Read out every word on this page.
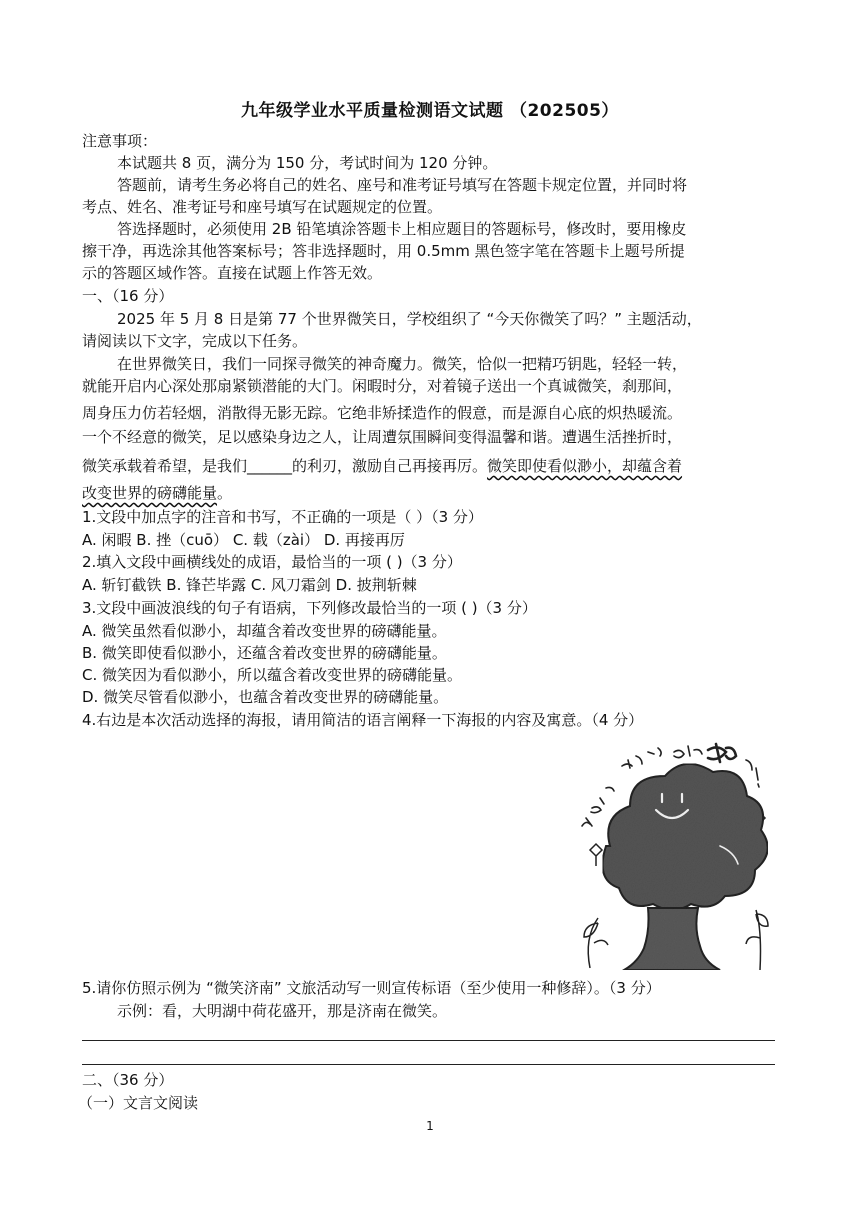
九年级学业水平质量检测语文试题 （202505）
注意事项：
本试题共 8 页，满分为 150 分，考试时间为 120 分钟。
答题前，请考生务必将自己的姓名、座号和准考证号填写在答题卡规定位置，并同时将
考点、姓名、准考证号和座号填写在试题规定的位置。
答选择题时，必须使用 2B 铅笔填涂答题卡上相应题目的答题标号，修改时，要用橡皮
擦干净，再选涂其他答案标号；答非选择题时，用 0.5mm 黑色签字笔在答题卡上题号所提
示的答题区域作答。直接在试题上作答无效。
一、（16 分）
2025 年 5 月 8 日是第 77 个世界微笑日，学校组织了 “今天你微笑了吗？” 主题活动，
请阅读以下文字，完成以下任务。
在世界微笑日，我们一同探寻微笑的神奇魔力。微笑，恰似一把精巧钥匙，轻轻一转，
就能开启内心深处那扇紧锁潜能的大门。闲暇时分，对着镜子送出一个真诚微笑，刹那间，
周身压力仿若轻烟，消散得无影无踪。它绝非矫揉造作的假意，而是源自心底的炽热暖流。
一个不经意的微笑，足以感染身边之人，让周遭氛围瞬间变得温馨和谐。遭遇生活挫折时，
微笑承载着希望，是我们______的利刃，激励自己再接再厉。微笑即使看似渺小，却蕴含着
改变世界的磅礴能量。
1.文段中加点字的注音和书写，不正确的一项是（ ）（3 分）
A. 闲暇 B. 挫（cuō） C. 载（zài） D. 再接再厉
2.填入文段中画横线处的成语，最恰当的一项 ( )（3 分）
A. 斩钉截铁 B. 锋芒毕露 C. 风刀霜剑 D. 披荆斩棘
3.文段中画波浪线的句子有语病，下列修改最恰当的一项 ( )（3 分）
A. 微笑虽然看似渺小，却蕴含着改变世界的磅礴能量。
B. 微笑即使看似渺小，还蕴含着改变世界的磅礴能量。
C. 微笑因为看似渺小，所以蕴含着改变世界的磅礴能量。
D. 微笑尽管看似渺小，也蕴含着改变世界的磅礴能量。
4.右边是本次活动选择的海报，请用简洁的语言阐释一下海报的内容及寓意。（4 分）
5.请你仿照示例为 “微笑济南” 文旅活动写一则宣传标语（至少使用一种修辞）。（3 分）
示例：看，大明湖中荷花盛开，那是济南在微笑。
二、（36 分）
（一）文言文阅读
1
